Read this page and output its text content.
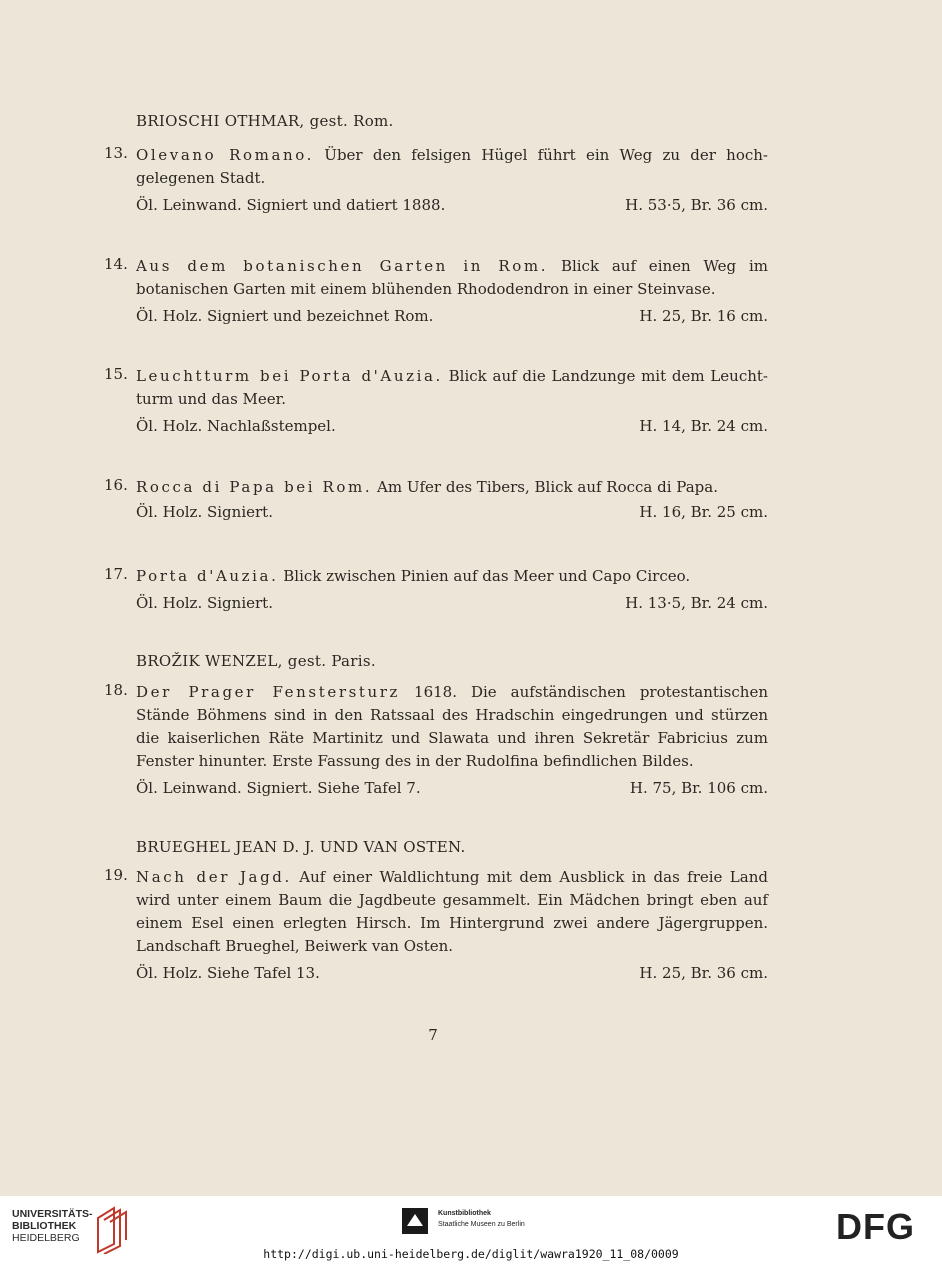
BRIOSCHI OTHMAR, gest. Rom.
13. Olevano Romano. Über den felsigen Hügel führt ein Weg zu der hoch-gelegenen Stadt.
Öl. Leinwand. Signiert und datiert 1888.	H. 53·5, Br. 36 cm.
14. Aus dem botanischen Garten in Rom. Blick auf einen Weg im botanischen Garten mit einem blühenden Rhododendron in einer Steinvase.
Öl. Holz. Signiert und bezeichnet Rom.	H. 25, Br. 16 cm.
15. Leuchtturm bei Porta d'Auzia. Blick auf die Landzunge mit dem Leucht-turm und das Meer.
Öl. Holz. Nachlaßstempel.	H. 14, Br. 24 cm.
16. Rocca di Papa bei Rom. Am Ufer des Tibers, Blick auf Rocca di Papa.
Öl. Holz. Signiert.	H. 16, Br. 25 cm.
17. Porta d'Auzia. Blick zwischen Pinien auf das Meer und Capo Circeo.
Öl. Holz. Signiert.	H. 13·5, Br. 24 cm.
BROŽIK WENZEL, gest. Paris.
18. Der Prager Fenstersturz 1618. Die aufständischen protestantischen Stände Böhmens sind in den Ratssaal des Hradschin eingedrungen und stürzen die kaiserlichen Räte Martinitz und Slawata und ihren Sekretär Fabricius zum Fenster hinunter. Erste Fassung des in der Rudolfina befindlichen Bildes.
Öl. Leinwand. Signiert. Siehe Tafel 7.	H. 75, Br. 106 cm.
BRUEGHEL JEAN D. J. UND VAN OSTEN.
19. Nach der Jagd. Auf einer Waldlichtung mit dem Ausblick in das freie Land wird unter einem Baum die Jagdbeute gesammelt. Ein Mädchen bringt eben auf einem Esel einen erlegten Hirsch. Im Hintergrund zwei andere Jägergruppen. Landschaft Brueghel, Beiwerk van Osten.
Öl. Holz. Siehe Tafel 13.	H. 25, Br. 36 cm.
7
UNIVERSITÄTS-
BIBLIOTHEK
HEIDELBERG
Kunstbibliothek
Staatliche Museen zu Berlin	DFG
http://digi.ub.uni-heidelberg.de/diglit/wawra1920_11_08/0009
